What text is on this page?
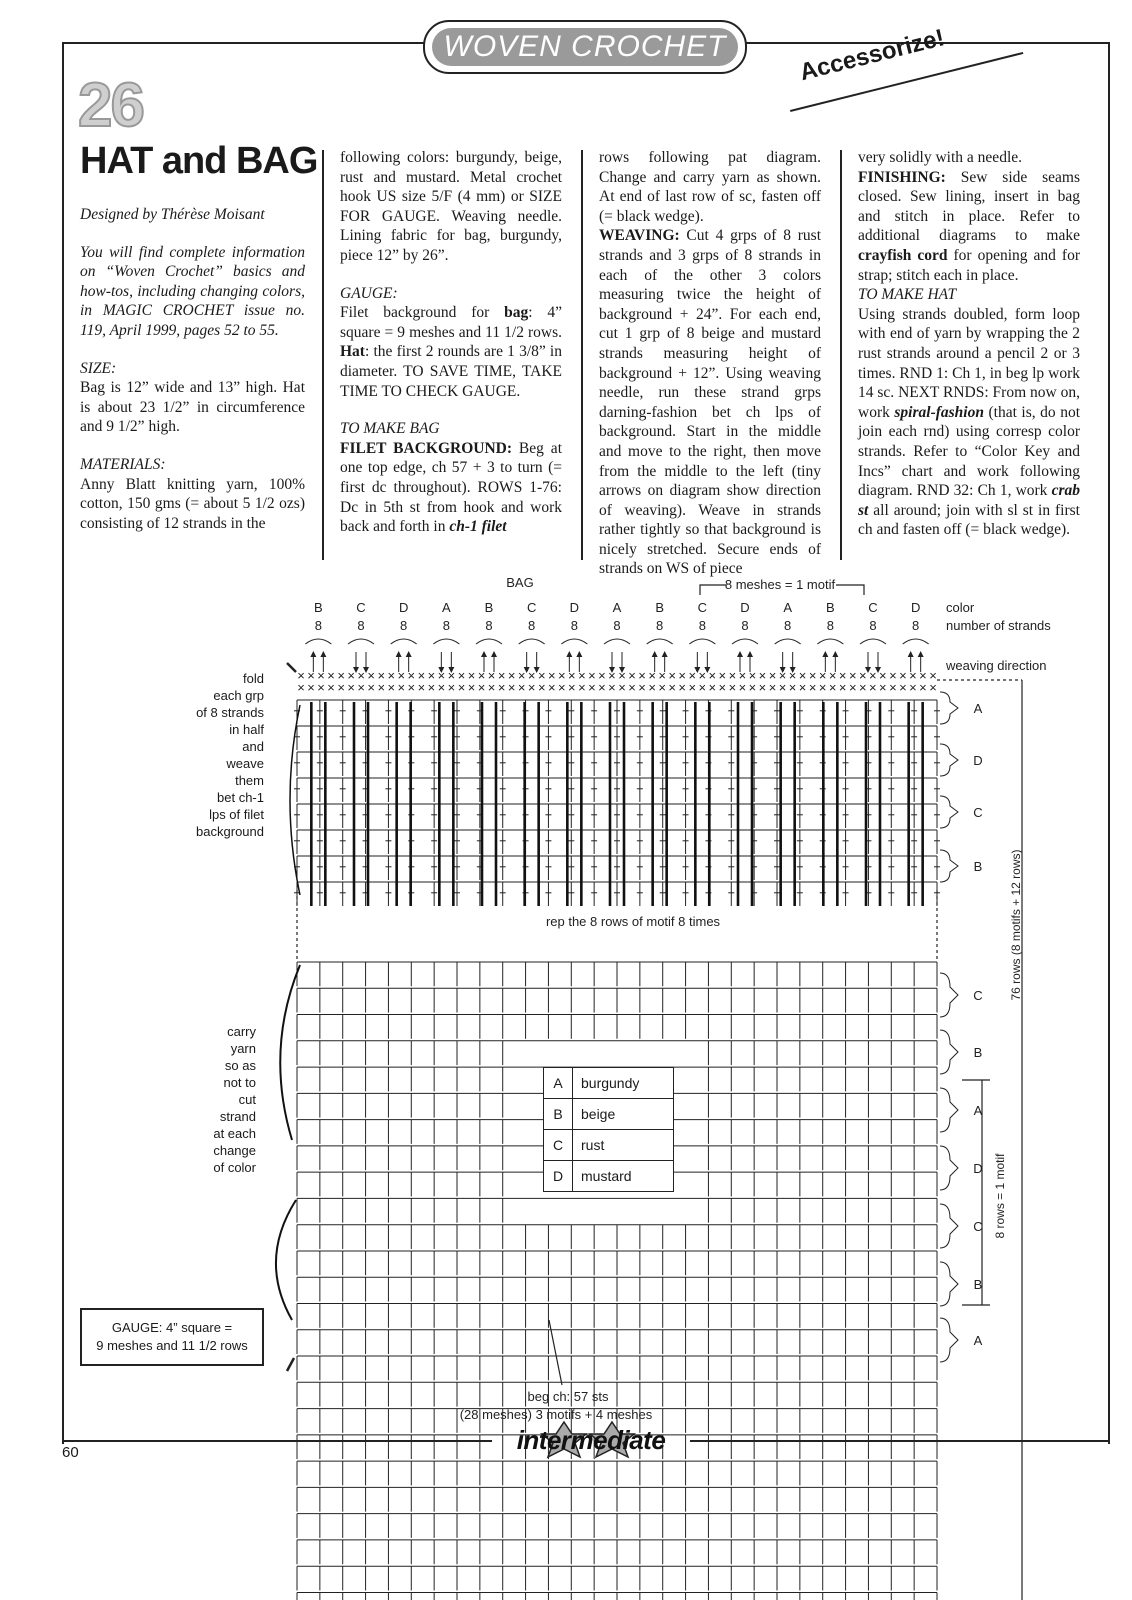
WOVEN CROCHET	Accessorize!
26
HAT and BAG

Designed by Thérèse Moisant

You will find complete information on “Woven Crochet” basics and how-tos, including changing colors, in MAGIC CROCHET issue no. 119, April 1999, pages 52 to 55.

SIZE:

Bag is 12” wide and 13” high. Hat is about 23 1/2” in circumference and 9 1/2” high.

MATERIALS:

Anny Blatt knitting yarn, 100% cotton, 150 gms (= about 5 1/2 ozs) consisting of 12 strands in the

following colors: burgundy, beige, rust and mustard. Metal crochet hook US size 5/F (4 mm) or SIZE FOR GAUGE. Weaving needle. Lining fabric for bag, burgundy, piece 12” by 26”.

GAUGE:

Filet background for bag: 4” square = 9 meshes and 11 1/2 rows. Hat: the first 2 rounds are 1 3/8” in diameter. TO SAVE TIME, TAKE TIME TO CHECK GAUGE.

TO MAKE BAG

FILET BACKGROUND: Beg at one top edge, ch 57 + 3 to turn (= first dc throughout). ROWS 1-76: Dc in 5th st from hook and work back and forth in ch-1 filet

rows following pat diagram. Change and carry yarn as shown. At end of last row of sc, fasten off (= black wedge).

WEAVING: Cut 4 grps of 8 rust strands and 3 grps of 8 strands in each of the other 3 colors measuring twice the height of background + 24”. For each end, cut 1 grp of 8 beige and mustard strands measuring height of background + 12”. Using weaving needle, run these strand grps darning-fashion bet ch lps of background. Start in the middle and move to the right, then move from the middle to the left (tiny arrows on diagram show direction of weaving). Weave in strands rather tightly so that background is nicely stretched. Secure ends of strands on WS of piece

very solidly with a needle.

FINISHING: Sew side seams closed. Sew lining, insert in bag and stitch in place. Refer to additional diagrams to make crayfish cord for opening and for strap; stitch each in place.

TO MAKE HAT

Using strands doubled, form loop with end of yarn by wrapping the 2 rust strands around a pencil 2 or 3 times. RND 1: Ch 1, in beg lp work 14 sc. NEXT RNDS: From now on, work spiral-fashion (that is, do not join each rnd) using corresp color strands. Refer to “Color Key and Incs” chart and work following diagram. RND 32: Ch 1, work crab st all around; join with sl st in first ch and fasten off (= black wedge).

B
8
C
8
D
8
A
8
B
8
C
8
D
8
A
8
B
8
C
8
D
8
A
8
B
8
C
8
D
8
× × × × × × × × × × × × × × × × × × × × × × × × × × × × × × × × × × × × × × × × × × × × × × × × × × × × × × × × × × × × × × × ×
× × × × × × × × × × × × × × × × × × × × × × × × × × × × × × × × × × × × × × × × × × × × × × × × × × × × × × × × × × × × × × × ×
A
D
C
B
C
B
A
D
C
B
A
BAG	8 meshes = 1 motif
color
number of strands
weaving direction
rep the 8 rows of motif 8 times	76 rows (8 motifs + 12 rows)
8 rows = 1 motif
beg ch: 57 sts
(28 meshes) 3 motifs + 4 meshes
fold
each grp
of 8 strands
in half
and
weave
them
bet ch-1
lps of filet
background
carry
yarn
so as
not to
cut
strand
at each
change
of color
A	burgundy
B	beige
C	rust
D	mustard
GAUGE: 4” square =
9 meshes and 11 1/2 rows
60	intermediate
